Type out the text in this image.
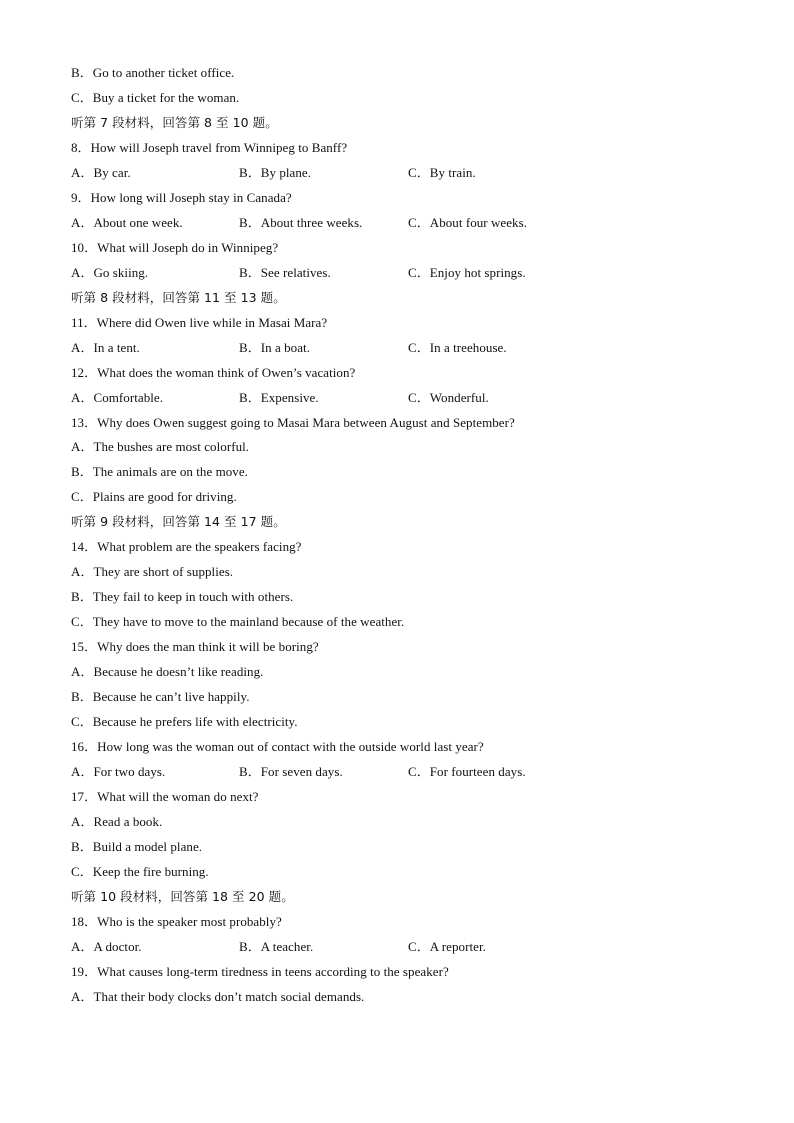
B．Go to another ticket office.
C．Buy a ticket for the woman.
听第 7 段材料，回答第 8 至 10 题。
8．How will Joseph travel from Winnipeg to Banff?
A．By car.	B．By plane.	C．By train.
9．How long will Joseph stay in Canada?
A．About one week.	B．About three weeks.	C．About four weeks.
10．What will Joseph do in Winnipeg?
A．Go skiing.	B．See relatives.	C．Enjoy hot springs.
听第 8 段材料，回答第 11 至 13 题。
11．Where did Owen live while in Masai Mara?
A．In a tent.	B．In a boat.	C．In a treehouse.
12．What does the woman think of Owen’s vacation?
A．Comfortable.	B．Expensive.	C．Wonderful.
13．Why does Owen suggest going to Masai Mara between August and September?
A．The bushes are most colorful.
B．The animals are on the move.
C．Plains are good for driving.
听第 9 段材料，回答第 14 至 17 题。
14．What problem are the speakers facing?
A．They are short of supplies.
B．They fail to keep in touch with others.
C．They have to move to the mainland because of the weather.
15．Why does the man think it will be boring?
A．Because he doesn’t like reading.
B．Because he can’t live happily.
C．Because he prefers life with electricity.
16．How long was the woman out of contact with the outside world last year?
A．For two days.	B．For seven days.	C．For fourteen days.
17．What will the woman do next?
A．Read a book.
B．Build a model plane.
C．Keep the fire burning.
听第 10 段材料，回答第 18 至 20 题。
18．Who is the speaker most probably?
A．A doctor.	B．A teacher.	C．A reporter.
19．What causes long-term tiredness in teens according to the speaker?
A．That their body clocks don’t match social demands.
